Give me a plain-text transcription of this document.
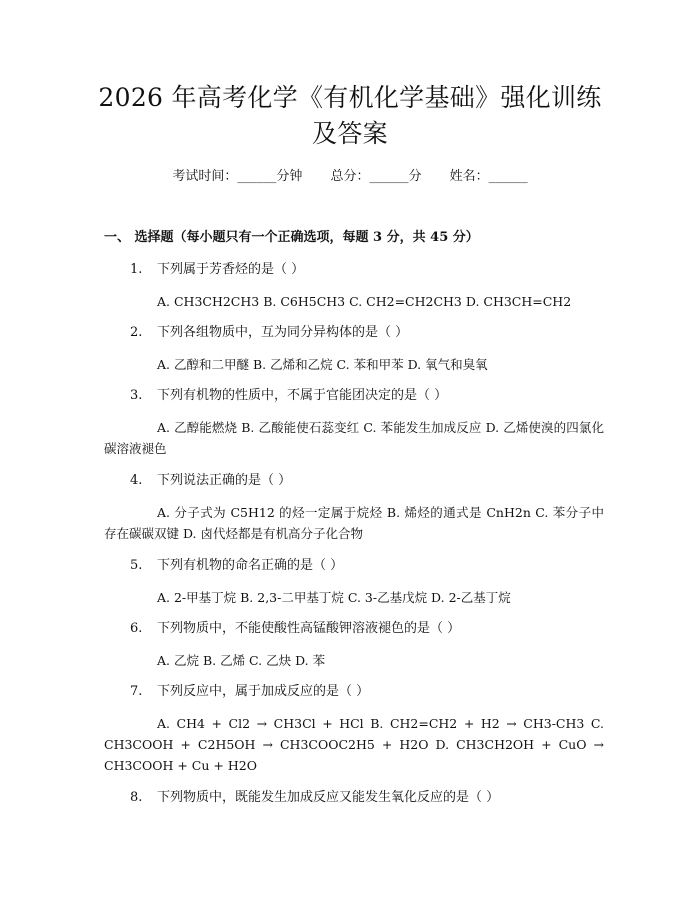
2026 年高考化学《有机化学基础》强化训练
及答案
考试时间：______分钟 总分：______分 姓名：______
一、 选择题（每小题只有一个正确选项，每题 3 分，共 45 分）
1. 下列属于芳香烃的是（ ）
A. CH3CH2CH3 B. C6H5CH3 C. CH2=CH2CH3 D. CH3CH=CH2
2. 下列各组物质中，互为同分异构体的是（ ）
A. 乙醇和二甲醚 B. 乙烯和乙烷 C. 苯和甲苯 D. 氧气和臭氧
3. 下列有机物的性质中，不属于官能团决定的是（ ）
A. 乙醇能燃烧 B. 乙酸能使石蕊变红 C. 苯能发生加成反应 D. 乙烯使溴的四氯化碳溶液褪色
4. 下列说法正确的是（ ）
A. 分子式为 C5H12 的烃一定属于烷烃 B. 烯烃的通式是 CnH2n C. 苯分子中存在碳碳双键 D. 卤代烃都是有机高分子化合物
5. 下列有机物的命名正确的是（ ）
A. 2-甲基丁烷 B. 2,3-二甲基丁烷 C. 3-乙基戊烷 D. 2-乙基丁烷
6. 下列物质中，不能使酸性高锰酸钾溶液褪色的是（ ）
A. 乙烷 B. 乙烯 C. 乙炔 D. 苯
7. 下列反应中，属于加成反应的是（ ）
A. CH4 + Cl2 → CH3Cl + HCl B. CH2=CH2 + H2 → CH3-CH3 C. CH3COOH + C2H5OH → CH3COOC2H5 + H2O D. CH3CH2OH + CuO → CH3COOH + Cu + H2O
8. 下列物质中，既能发生加成反应又能发生氧化反应的是（ ）
